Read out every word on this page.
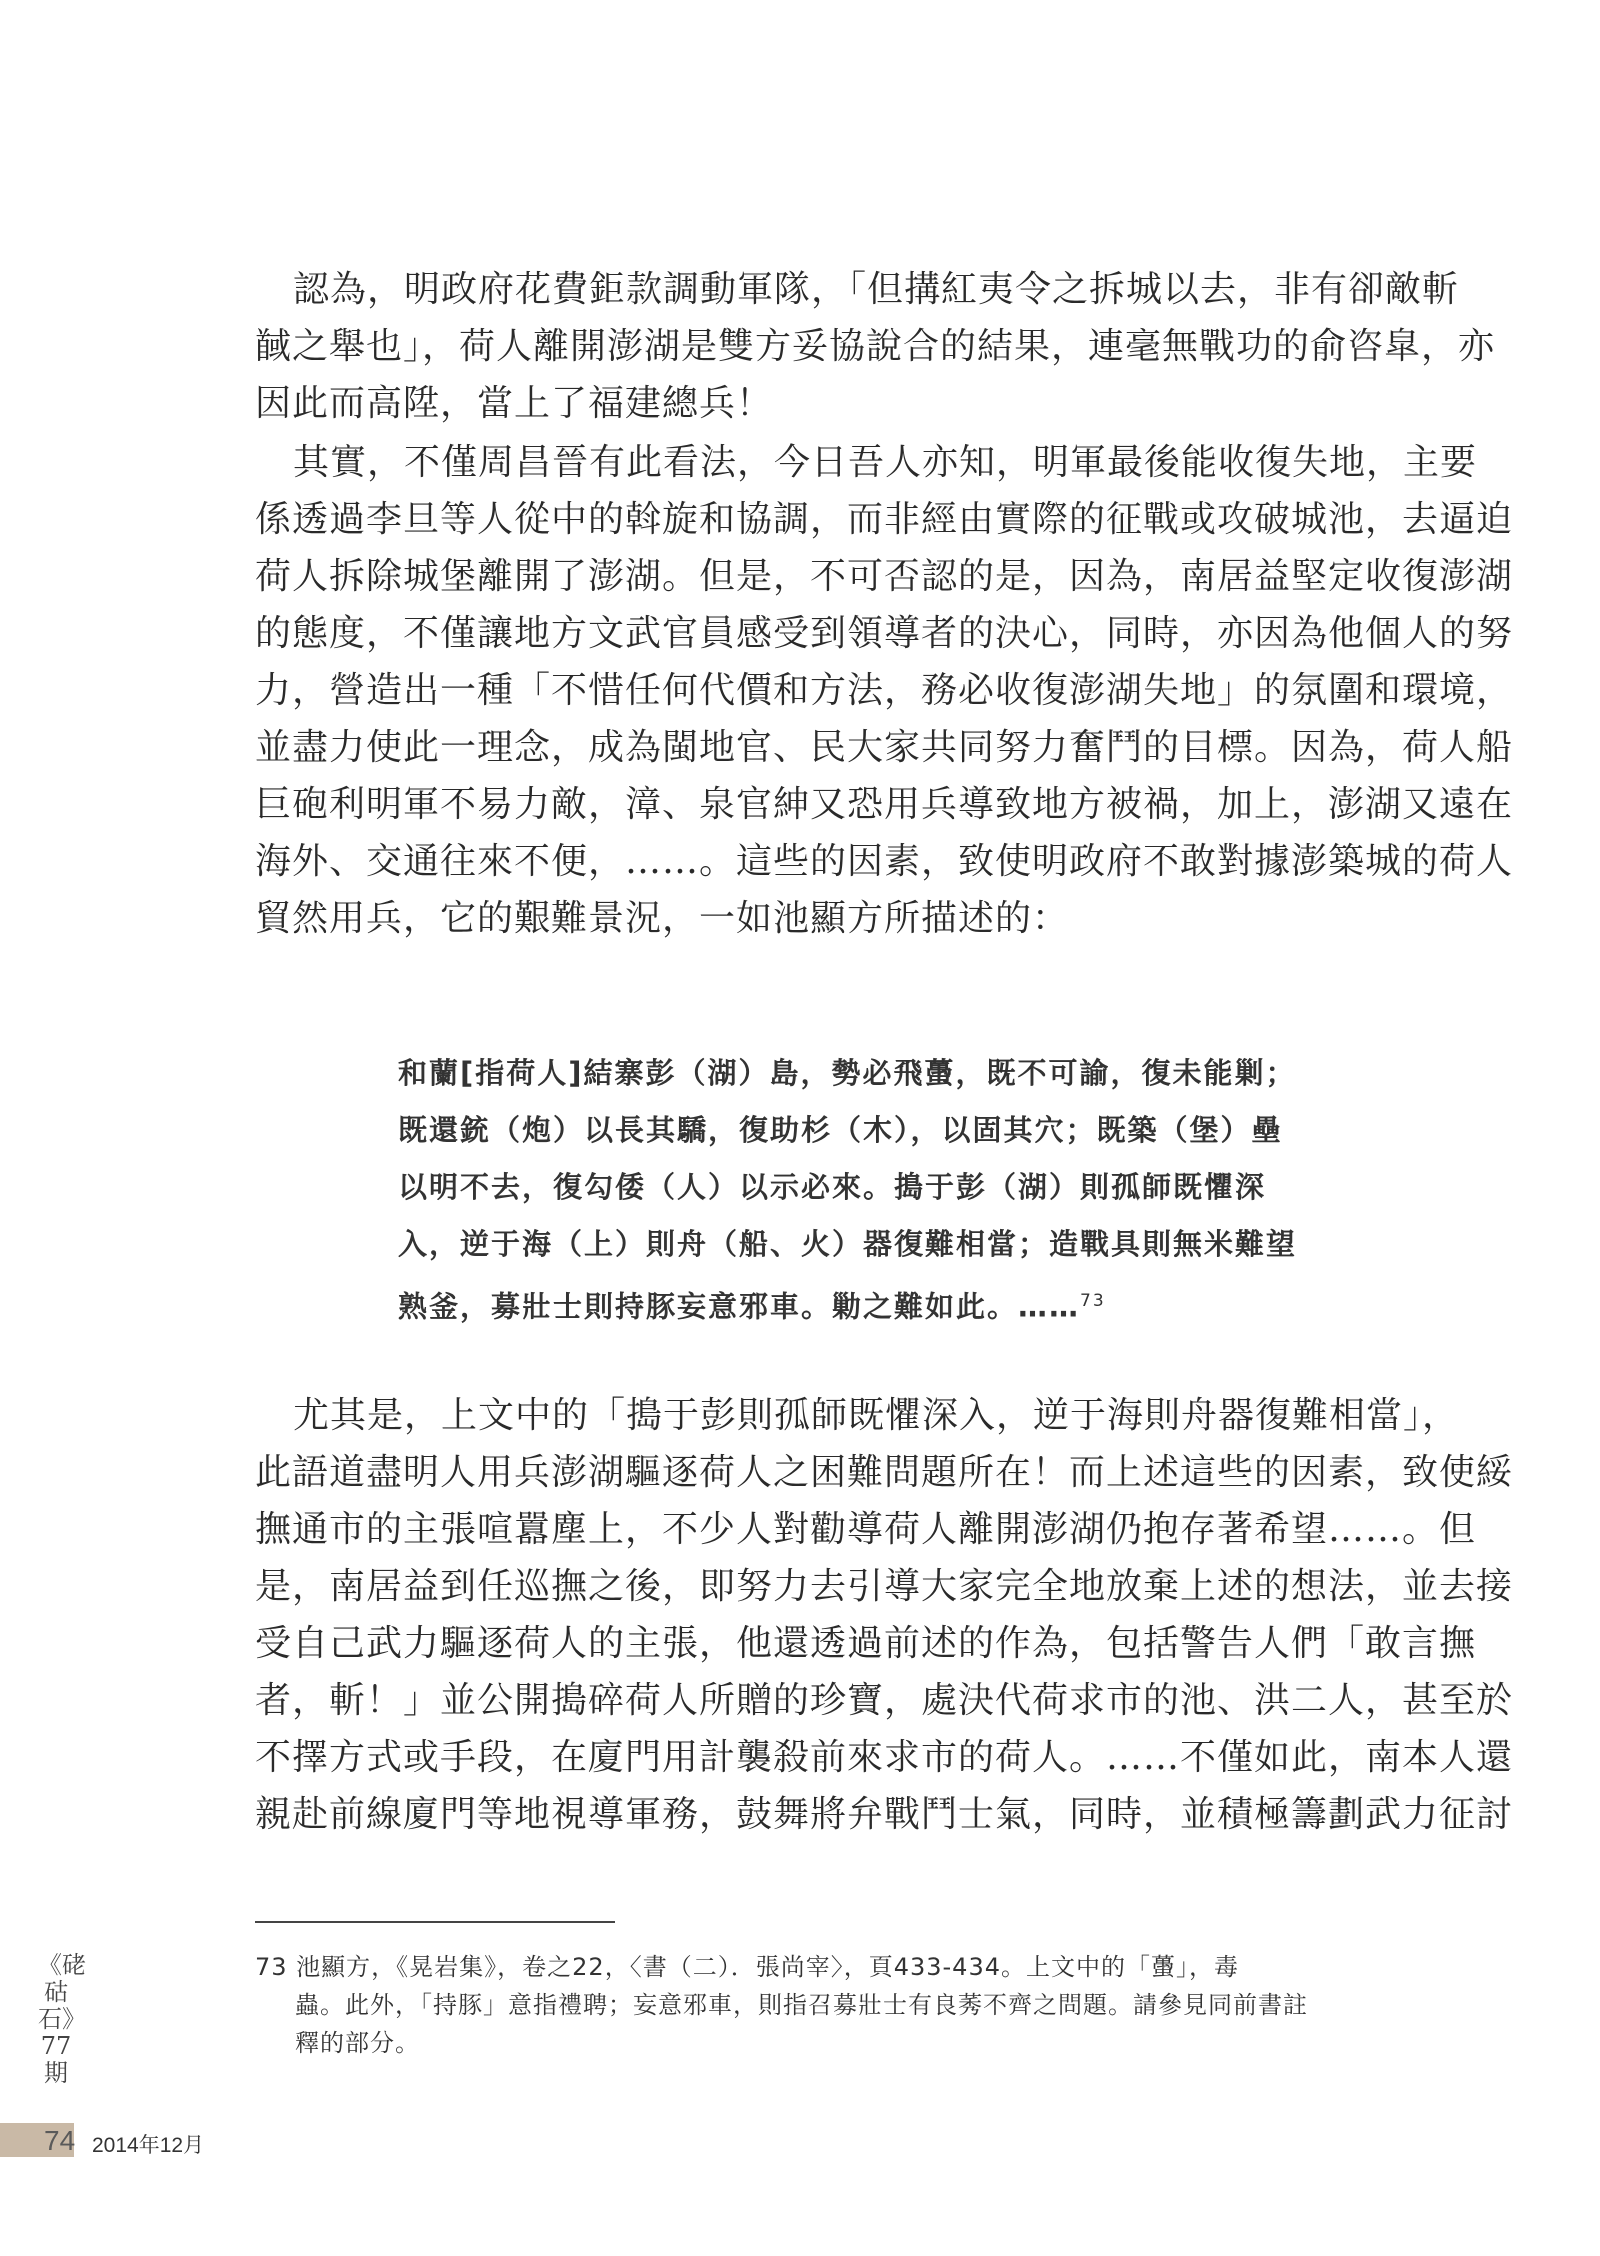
認為，明政府花費鉅款調動軍隊，「但搆紅夷令之拆城以去，非有卻敵斬

馘之舉也」，荷人離開澎湖是雙方妥協說合的結果，連毫無戰功的俞咨皐，亦

因此而高陞，當上了福建總兵！

其實，不僅周昌晉有此看法，今日吾人亦知，明軍最後能收復失地，主要

係透過李旦等人從中的斡旋和協調，而非經由實際的征戰或攻破城池，去逼迫

荷人拆除城堡離開了澎湖。但是，不可否認的是，因為，南居益堅定收復澎湖

的態度，不僅讓地方文武官員感受到領導者的決心，同時，亦因為他個人的努

力，營造出一種「不惜任何代價和方法，務必收復澎湖失地」的氛圍和環境，

並盡力使此一理念，成為閩地官、民大家共同努力奮鬥的目標。因為，荷人船

巨砲利明軍不易力敵，漳、泉官紳又恐用兵導致地方被禍，加上，澎湖又遠在

海外、交通往來不便，……。這些的因素，致使明政府不敢對據澎築城的荷人

貿然用兵，它的艱難景況，一如池顯方所描述的：

和蘭[指荷人]結寨彭（湖）島，勢必飛蠆，既不可諭，復未能剿；

既還銃（炮）以長其驕，復助杉（木），以固其穴；既築（堡）壘

以明不去，復勾倭（人）以示必來。搗于彭（湖）則孤師既懼深

入，逆于海（上）則舟（船、火）器復難相當；造戰具則無米難望

熟釜，募壯士則持豚妄意邪車。勦之難如此。……$^{73}$

尤其是，上文中的「搗于彭則孤師既懼深入，逆于海則舟器復難相當」，

此語道盡明人用兵澎湖驅逐荷人之困難問題所在！而上述這些的因素，致使綏

撫通市的主張喧囂塵上，不少人對勸導荷人離開澎湖仍抱存著希望……。但

是，南居益到任巡撫之後，即努力去引導大家完全地放棄上述的想法，並去接

受自己武力驅逐荷人的主張，他還透過前述的作為，包括警告人們「敢言撫

者，斬！」並公開搗碎荷人所贈的珍寶，處決代荷求市的池、洪二人，甚至於

不擇方式或手段，在廈門用計襲殺前來求市的荷人。……不僅如此，南本人還

親赴前線廈門等地視導軍務，鼓舞將弁戰鬥士氣，同時，並積極籌劃武力征討

73 池顯方，《晃岩集》，卷之22，〈書（二）．張尚宰〉，頁433-434。上文中的「蠆」，毒

蟲。此外，「持豚」意指禮聘；妄意邪車，則指召募壯士有良莠不齊之問題。請參見同前書註

釋的部分。

《硓𥑮石》77期
74 2014年12月
